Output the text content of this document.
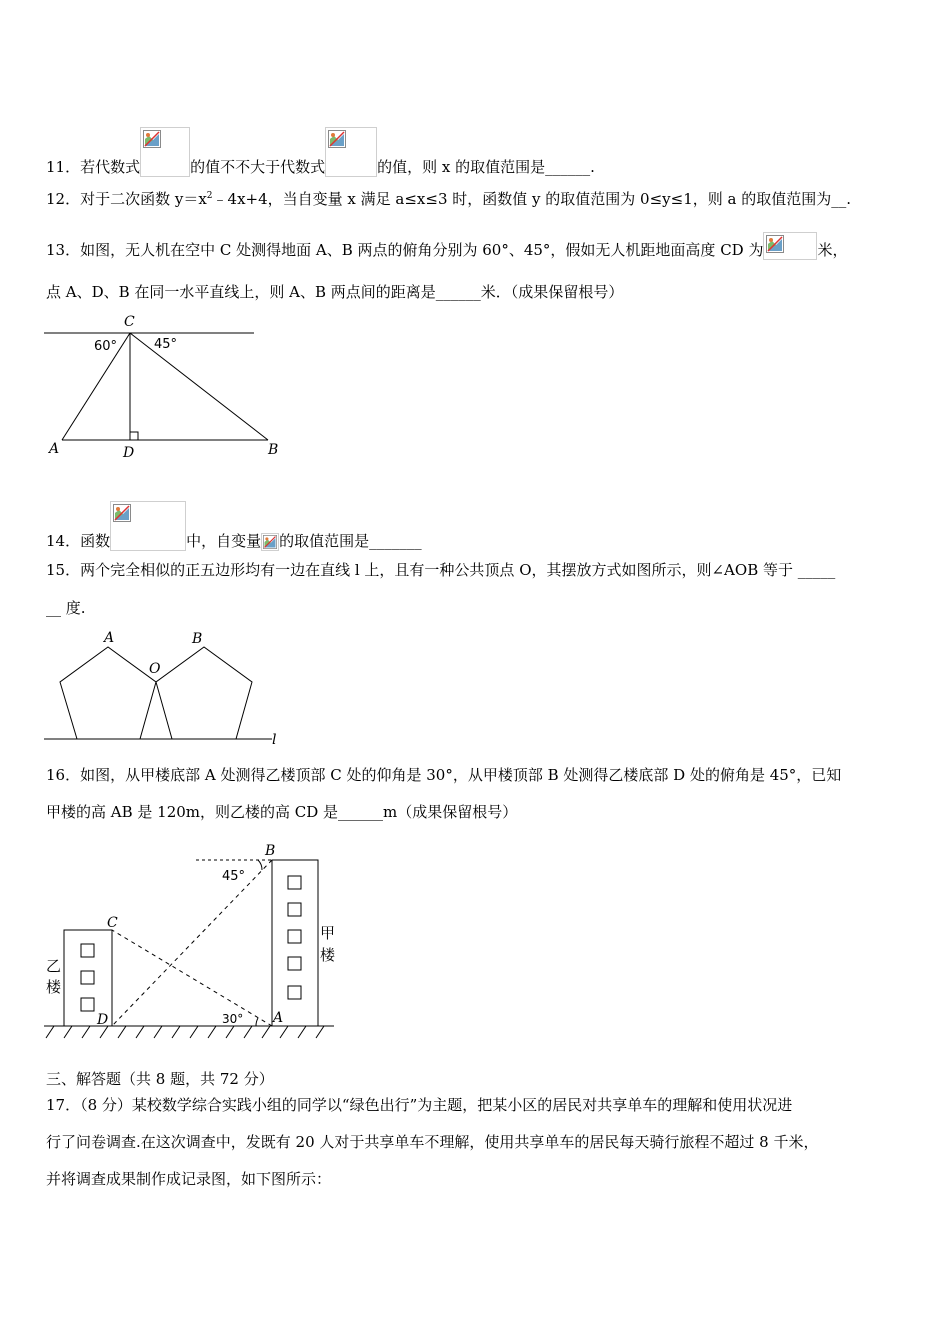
11．若代数式	的值不不大于代数式	的值，则 x 的取值范围是______.
12．对于二次函数 $y=x^2﹣4x+4$，当自变量 x 满足 a≤x≤3 时，函数值 y 的取值范围为 0≤y≤1，则 a 的取值范围为__.
13．如图，无人机在空中 C 处测得地面 A、B 两点的俯角分别为 60°、45°，假如无人机距地面高度 CD 为	米，
点 A、D、B 在同一水平直线上，则 A、B 两点间的距离是______米．（成果保留根号）
C
60°	45°
A	D	B
14．函数	中，自变量 的取值范围是_______
15．两个完全相似的正五边形均有一边在直线 l 上，且有一种公共顶点 O，其摆放方式如图所示，则∠AOB 等于 _____
__ 度.
A
O
B
l
16．如图，从甲楼底部 A 处测得乙楼顶部 C 处的仰角是 30°，从甲楼顶部 B 处测得乙楼底部 D 处的俯角是 45°，已知
甲楼的高 AB 是 120m，则乙楼的高 CD 是______m（成果保留根号）
B
45°
C
D	30° A
甲
楼
乙
楼
三、解答题（共 8 题，共 72 分）
17．（8 分）某校数学综合实践小组的同学以“绿色出行”为主题，把某小区的居民对共享单车的理解和使用状况进
行了问卷调查.在这次调查中，发既有 20 人对于共享单车不理解，使用共享单车的居民每天骑行旅程不超过 8 千米，
并将调查成果制作成记录图，如下图所示：
